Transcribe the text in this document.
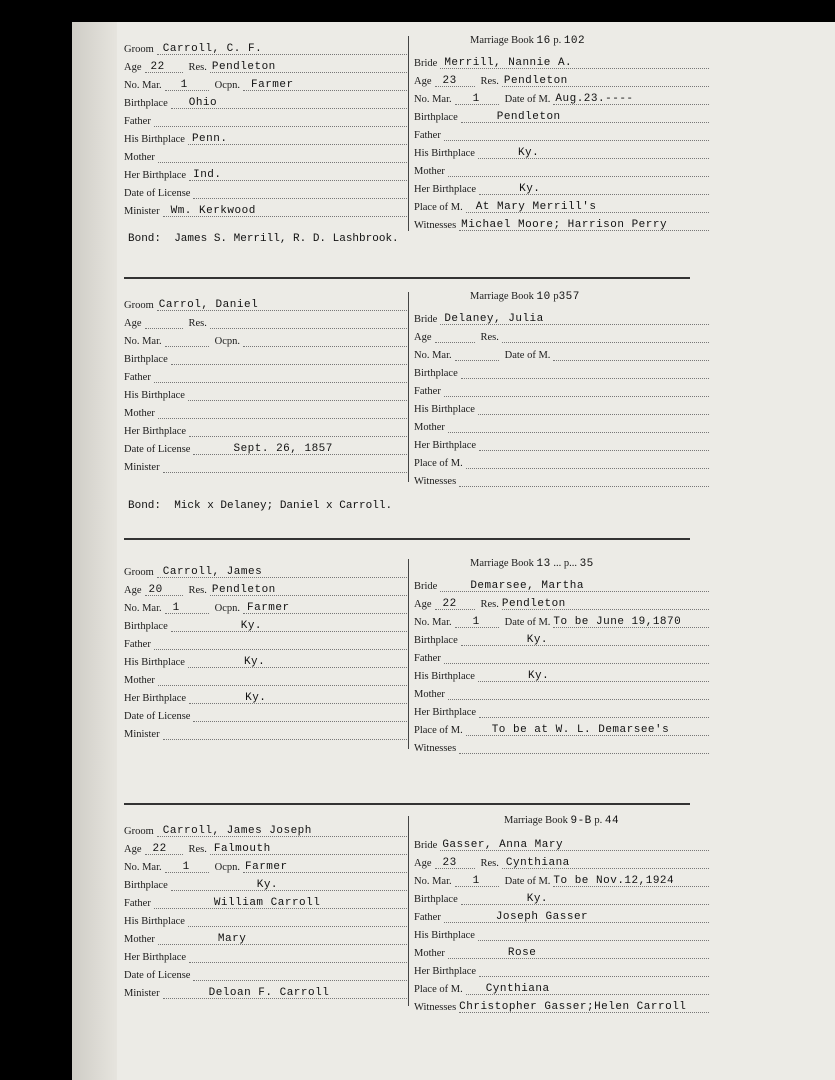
Groom Carroll, C. F.
Age 22 Res. Pendleton
No. Mar. 1	Ocpn. Farmer
Birthplace Ohio
Father
His Birthplace Penn.
Mother
Her Birthplace Ind.
Date of License
Minister Wm. Kerkwood
Marriage Book 16 p. 102
Bride Merrill, Nannie A.
Age 23 Res. Pendleton
No. Mar. 1 Date of M. Aug.23.----
Birthplace	Pendleton
Father
His Birthplace	Ky.
Mother
Her Birthplace	Ky.
Place of M. At Mary Merrill's
Witnesses Michael Moore; Harrison Perry
Bond:  James S. Merrill, R. D. Lashbrook.
Groom Carrol, Daniel
Age	Res.
No. Mar.	Ocpn.
Birthplace
Father
His Birthplace
Mother
Her Birthplace
Date of License	Sept. 26, 1857
Minister
Marriage Book 10 p357
Bride Delaney, Julia
Age	Res.
No. Mar.	Date of M.
Birthplace
Father
His Birthplace
Mother
Her Birthplace
Place of M.
Witnesses
Bond:  Mick x Delaney; Daniel x Carroll.
Groom Carroll, James
Age 20 Res. Pendleton
No. Mar. 1	Ocpn. Farmer
Birthplace	Ky.
Father
His Birthplace	Ky.
Mother
Her Birthplace	Ky.
Date of License
Minister
Marriage Book 13 ... p... 35
Bride	Demarsee, Martha
Age 22 Res. Pendleton
No. Mar. 1 Date of M. To be June 19,1870
Birthplace	Ky.
Father
His Birthplace	Ky.
Mother
Her Birthplace
Place of M.	To be at W. L. Demarsee's
Witnesses
Groom Carroll, James Joseph
Age 22 Res. Falmouth
No. Mar. 1 Ocpn. Farmer
Birthplace	Ky.
Father	William Carroll
His Birthplace
Mother	Mary
Her Birthplace
Date of License
Minister	Deloan F. Carroll
Marriage Book 9-B p. 44
Bride Gasser, Anna Mary
Age 23 Res. Cynthiana
No. Mar. 1 Date of M. To be Nov.12,1924
Birthplace	Ky.
Father	Joseph Gasser
His Birthplace
Mother	Rose
Her Birthplace
Place of M. Cynthiana
Witnesses Christopher Gasser;Helen Carroll
